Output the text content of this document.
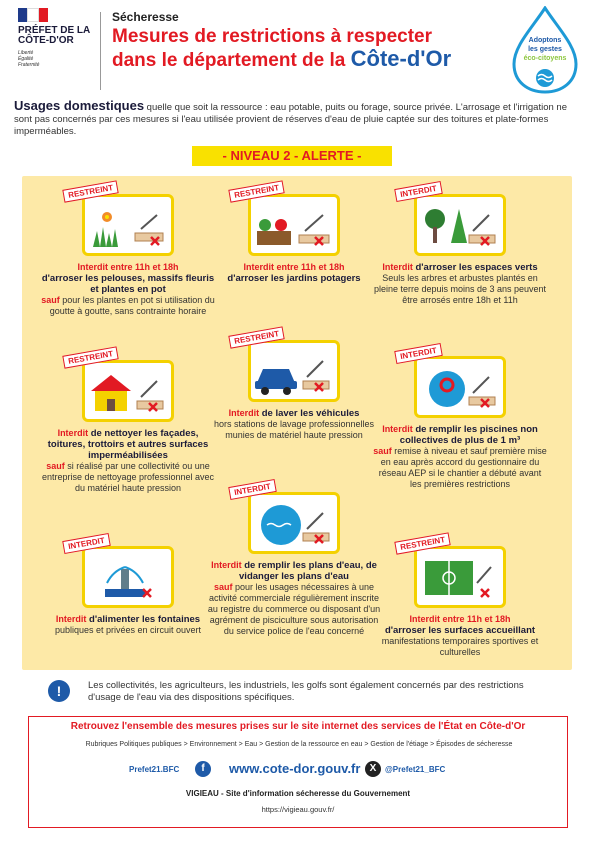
PRÉFET DE LA CÔTE-D'OR
Liberté
Égalité
Fraternité
Sécheresse
Mesures de restrictions à respecter
dans le département de la Côte-d'Or
Adoptons
les gestes
éco-citoyens
Usages domestiques quelle que soit la ressource : eau potable, puits ou forage, source privée. L'arrosage et l'irrigation ne sont pas concernés par ces mesures si l'eau utilisée provient de réserves d'eau de pluie captée sur des toitures et plate-formes imperméables.
- NIVEAU 2 - ALERTE -
RESTREINT
Interdit entre 11h et 18h
d'arroser les pelouses, massifs fleuris et plantes en pot
sauf pour les plantes en pot si utilisation du goutte à goutte, sans contrainte horaire
RESTREINT
Interdit entre 11h et 18h
d'arroser les jardins potagers
INTERDIT
Interdit d'arroser les espaces verts
Seuls les arbres et arbustes plantés en pleine terre depuis moins de 3 ans peuvent être arrosés entre 18h et 11h
RESTREINT
Interdit de nettoyer les façades, toitures, trottoirs et autres surfaces imperméabilisées
sauf si réalisé par une collectivité ou une entreprise de nettoyage professionnel avec du matériel haute pression
RESTREINT
Interdit de laver les véhicules
hors stations de lavage professionnelles munies de matériel haute pression
INTERDIT
Interdit de remplir les piscines non collectives de plus de 1 m³
sauf remise à niveau et sauf première mise en eau après accord du gestionnaire du réseau AEP si le chantier a débuté avant les premières restrictions
INTERDIT
Interdit d'alimenter les fontaines
publiques et privées en circuit ouvert
INTERDIT
Interdit de remplir les plans d'eau, de vidanger les plans d'eau
sauf pour les usages nécessaires à une activité commerciale régulièrement inscrite au registre du commerce ou disposant d'un agrément de pisciculture sous autorisation du service police de l'eau concerné
RESTREINT
Interdit entre 11h et 18h
d'arroser les surfaces accueillant
manifestations temporaires sportives et culturelles
!	Les collectivités, les agriculteurs, les industriels, les golfs sont également concernés par des restrictions d'usage de l'eau via des dispositions spécifiques.
Retrouvez l'ensemble des mesures prises sur le site internet des services de l'État en Côte-d'Or
Rubriques Politiques publiques > Environnement > Eau > Gestion de la ressource en eau > Gestion de l'étiage > Épisodes de sécheresse
Prefet21.BFC	f	www.cote-dor.gouv.fr X	@Prefet21_BFC
VIGIEAU - Site d'information sécheresse du Gouvernement
https://vigieau.gouv.fr/
